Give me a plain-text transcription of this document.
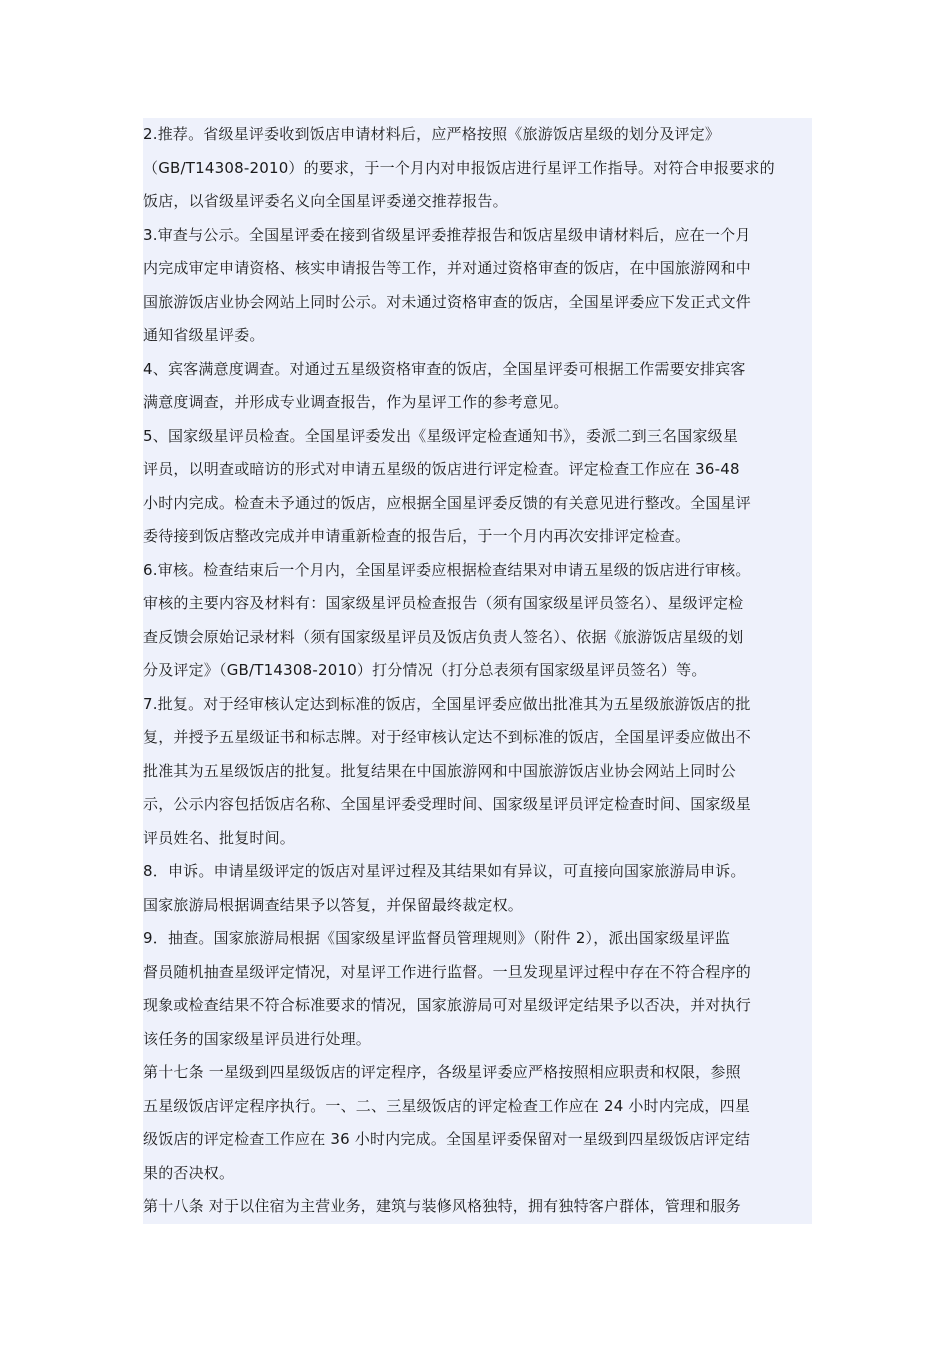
2.推荐。省级星评委收到饭店申请材料后，应严格按照《旅游饭店星级的划分及评定》
（GB/T14308-2010）的要求，于一个月内对申报饭店进行星评工作指导。对符合申报要求的
饭店，以省级星评委名义向全国星评委递交推荐报告。
3.审查与公示。全国星评委在接到省级星评委推荐报告和饭店星级申请材料后，应在一个月
内完成审定申请资格、核实申请报告等工作，并对通过资格审查的饭店，在中国旅游网和中
国旅游饭店业协会网站上同时公示。对未通过资格审查的饭店，全国星评委应下发正式文件
通知省级星评委。
4、宾客满意度调查。对通过五星级资格审查的饭店，全国星评委可根据工作需要安排宾客
满意度调查，并形成专业调查报告，作为星评工作的参考意见。
5、国家级星评员检查。全国星评委发出《星级评定检查通知书》，委派二到三名国家级星
评员，以明查或暗访的形式对申请五星级的饭店进行评定检查。评定检查工作应在 36-48
小时内完成。检查未予通过的饭店，应根据全国星评委反馈的有关意见进行整改。全国星评
委待接到饭店整改完成并申请重新检查的报告后，于一个月内再次安排评定检查。
6.审核。检查结束后一个月内，全国星评委应根据检查结果对申请五星级的饭店进行审核。
审核的主要内容及材料有：国家级星评员检查报告（须有国家级星评员签名）、星级评定检
查反馈会原始记录材料（须有国家级星评员及饭店负责人签名）、依据《旅游饭店星级的划
分及评定》（GB/T14308-2010）打分情况（打分总表须有国家级星评员签名）等。
7.批复。对于经审核认定达到标准的饭店，全国星评委应做出批准其为五星级旅游饭店的批
复，并授予五星级证书和标志牌。对于经审核认定达不到标准的饭店，全国星评委应做出不
批准其为五星级饭店的批复。批复结果在中国旅游网和中国旅游饭店业协会网站上同时公
示，公示内容包括饭店名称、全国星评委受理时间、国家级星评员评定检查时间、国家级星
评员姓名、批复时间。
8．申诉。申请星级评定的饭店对星评过程及其结果如有异议，可直接向国家旅游局申诉。
国家旅游局根据调查结果予以答复，并保留最终裁定权。
9．抽查。国家旅游局根据《国家级星评监督员管理规则》（附件 2），派出国家级星评监
督员随机抽查星级评定情况，对星评工作进行监督。一旦发现星评过程中存在不符合程序的
现象或检查结果不符合标准要求的情况，国家旅游局可对星级评定结果予以否决，并对执行
该任务的国家级星评员进行处理。
第十七条 一星级到四星级饭店的评定程序，各级星评委应严格按照相应职责和权限，参照
五星级饭店评定程序执行。一、二、三星级饭店的评定检查工作应在 24 小时内完成，四星
级饭店的评定检查工作应在 36 小时内完成。全国星评委保留对一星级到四星级饭店评定结
果的否决权。
第十八条 对于以住宿为主营业务，建筑与装修风格独特，拥有独特客户群体，管理和服务
